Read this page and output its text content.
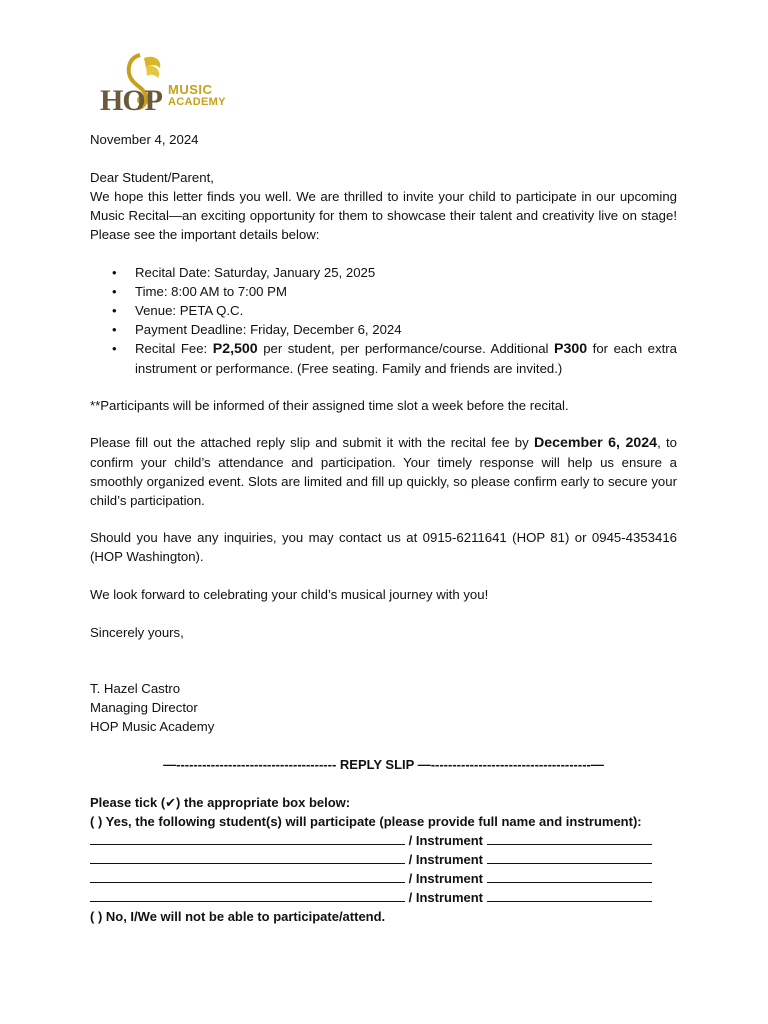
HOP MUSIC
ACADEMY

November 4, 2024

Dear Student/Parent,

We hope this letter finds you well. We are thrilled to invite your child to participate in our upcoming Music Recital—an exciting opportunity for them to showcase their talent and creativity live on stage! Please see the important details below:

• Recital Date: Saturday, January 25, 2025
• Time: 8:00 AM to 7:00 PM
• Venue: PETA Q.C.
• Payment Deadline: Friday, December 6, 2024
• Recital Fee: P2,500 per student, per performance/course. Additional P300 for each extra instrument or performance. (Free seating. Family and friends are invited.)

**Participants will be informed of their assigned time slot a week before the recital.

Please fill out the attached reply slip and submit it with the recital fee by December 6, 2024, to confirm your child’s attendance and participation. Your timely response will help us ensure a smoothly organized event. Slots are limited and fill up quickly, so please confirm early to secure your child’s participation.

Should you have any inquiries, you may contact us at 0915-6211641 (HOP 81) or 0945-4353416 (HOP Washington).

We look forward to celebrating your child’s musical journey with you!

Sincerely yours,

T. Hazel Castro

Managing Director

HOP Music Academy

—------------------------------------- REPLY SLIP —-------------------------------------—
Please tick (✔) the appropriate box below:
( ) Yes, the following student(s) will participate (please provide full name and instrument):
/ Instrument
/ Instrument
/ Instrument
/ Instrument
( ) No, I/We will not be able to participate/attend.
